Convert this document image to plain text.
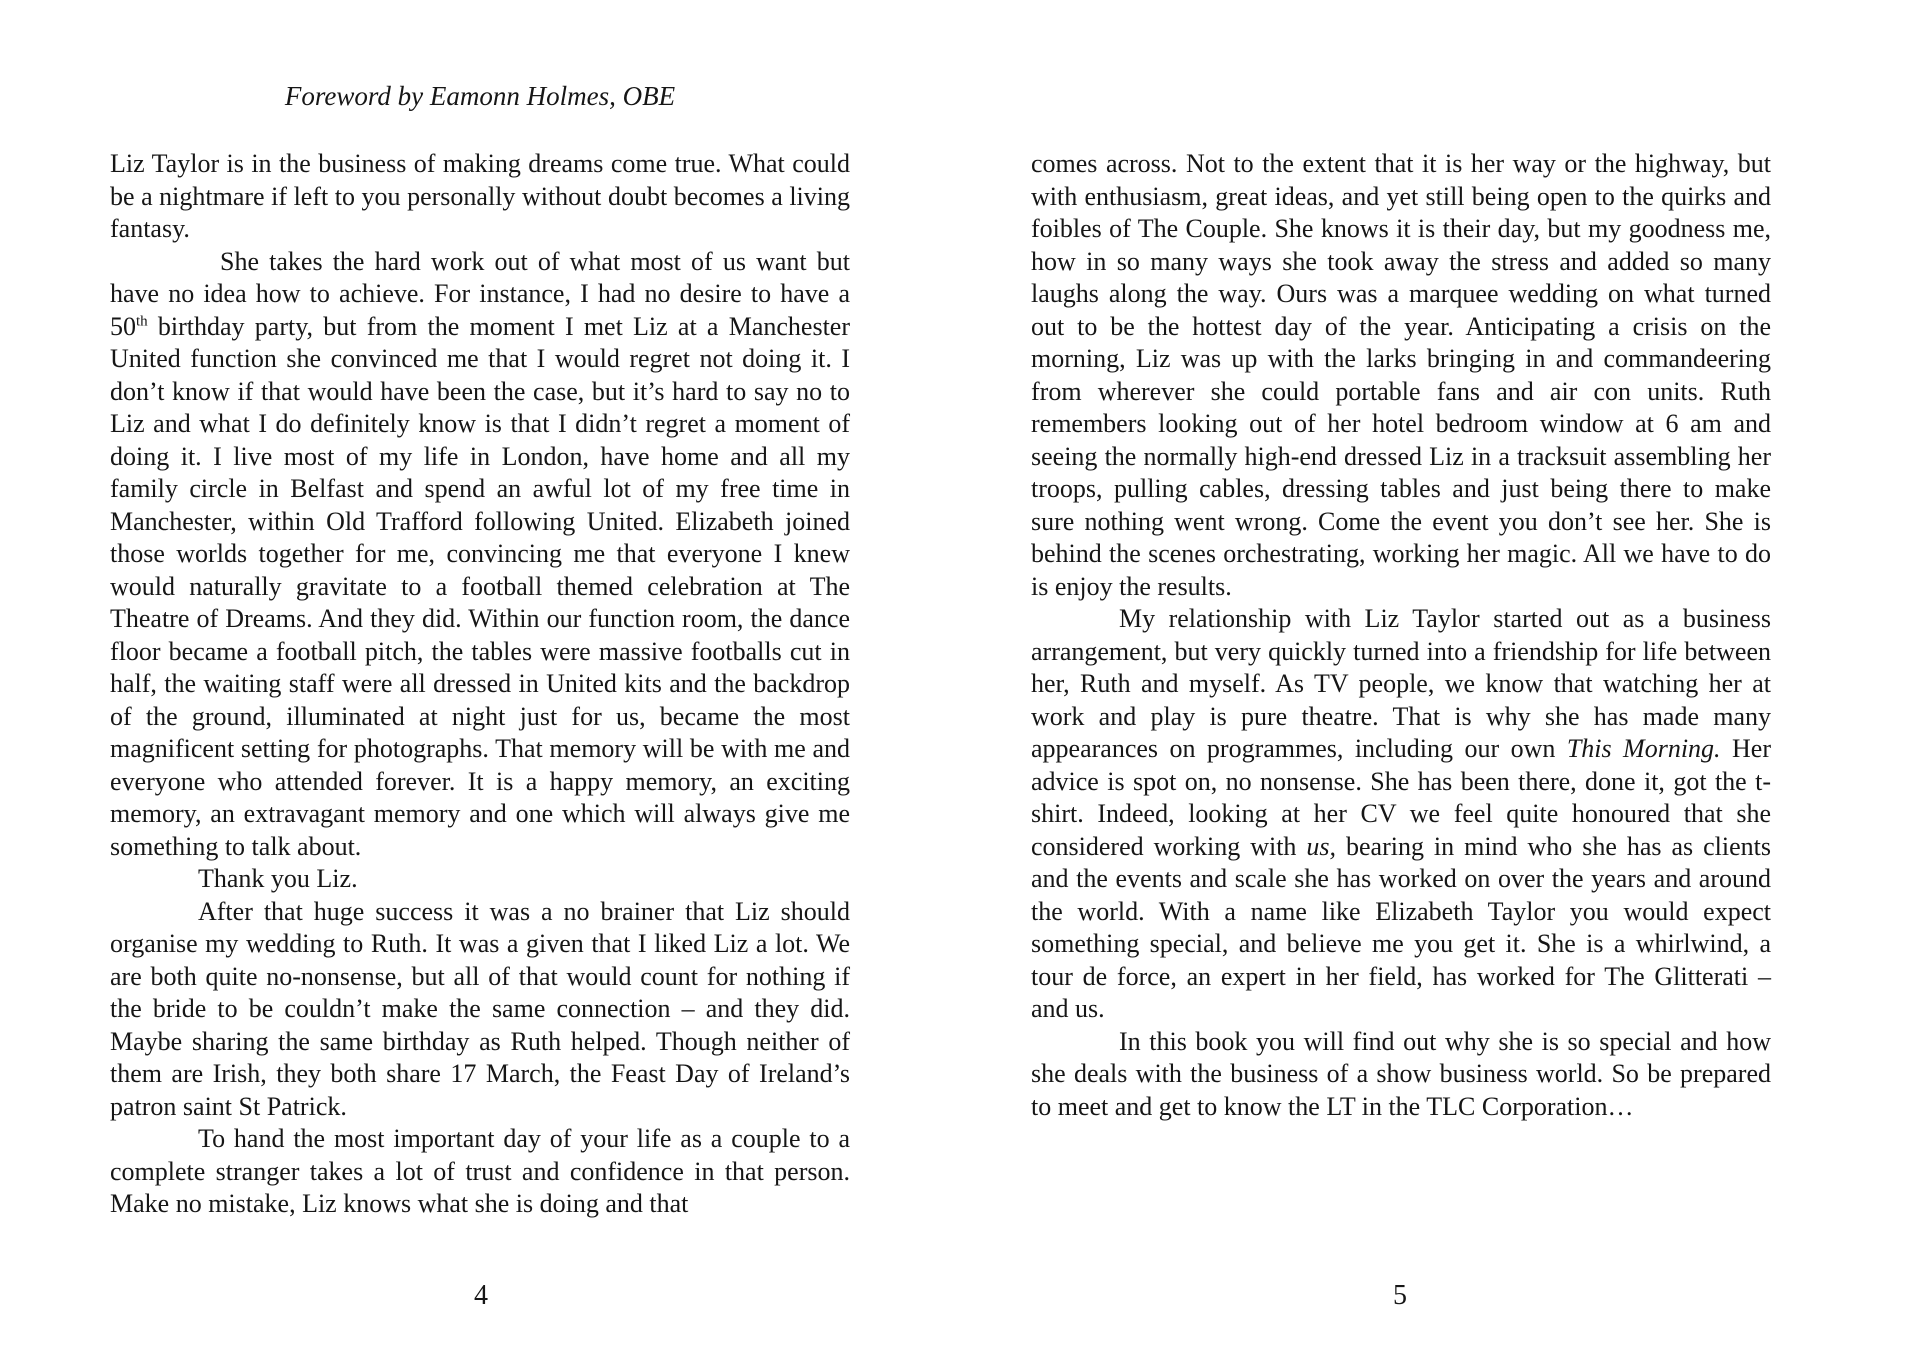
Foreword by Eamonn Holmes, OBE

Liz Taylor is in the business of making dreams come true. What could be a nightmare if left to you personally without doubt becomes a living fantasy.

She takes the hard work out of what most of us want but have no idea how to achieve. For instance, I had no desire to have a 50th birthday party, but from the moment I met Liz at a Manchester United function she convinced me that I would regret not doing it. I don’t know if that would have been the case, but it’s hard to say no to Liz and what I do definitely know is that I didn’t regret a moment of doing it. I live most of my life in London, have home and all my family circle in Belfast and spend an awful lot of my free time in Manchester, within Old Trafford following United. Elizabeth joined those worlds together for me, convincing me that everyone I knew would naturally gravitate to a football themed celebration at The Theatre of Dreams. And they did. Within our function room, the dance floor became a football pitch, the tables were massive footballs cut in half, the waiting staff were all dressed in United kits and the backdrop of the ground, illuminated at night just for us, became the most magnificent setting for photographs. That memory will be with me and everyone who attended forever. It is a happy memory, an exciting memory, an extravagant memory and one which will always give me something to talk about.

Thank you Liz.

After that huge success it was a no brainer that Liz should organise my wedding to Ruth. It was a given that I liked Liz a lot. We are both quite no-nonsense, but all of that would count for nothing if the bride to be couldn’t make the same connection – and they did. Maybe sharing the same birthday as Ruth helped. Though neither of them are Irish, they both share 17 March, the Feast Day of Ireland’s patron saint St Patrick.

To hand the most important day of your life as a couple to a complete stranger takes a lot of trust and confidence in that person. Make no mistake, Liz knows what she is doing and that

4

comes across. Not to the extent that it is her way or the highway, but with enthusiasm, great ideas, and yet still being open to the quirks and foibles of The Couple. She knows it is their day, but my goodness me, how in so many ways she took away the stress and added so many laughs along the way. Ours was a marquee wedding on what turned out to be the hottest day of the year. Anticipating a crisis on the morning, Liz was up with the larks bringing in and commandeering from wherever she could portable fans and air con units. Ruth remembers looking out of her hotel bedroom window at 6 am and seeing the normally high-end dressed Liz in a tracksuit assembling her troops, pulling cables, dressing tables and just being there to make sure nothing went wrong. Come the event you don’t see her. She is behind the scenes orchestrating, working her magic. All we have to do is enjoy the results.

My relationship with Liz Taylor started out as a business arrangement, but very quickly turned into a friendship for life between her, Ruth and myself. As TV people, we know that watching her at work and play is pure theatre. That is why she has made many appearances on programmes, including our own This Morning. Her advice is spot on, no nonsense. She has been there, done it, got the t-shirt. Indeed, looking at her CV we feel quite honoured that she considered working with us, bearing in mind who she has as clients and the events and scale she has worked on over the years and around the world. With a name like Elizabeth Taylor you would expect something special, and believe me you get it. She is a whirlwind, a tour de force, an expert in her field, has worked for The Glitterati – and us.

In this book you will find out why she is so special and how she deals with the business of a show business world. So be prepared to meet and get to know the LT in the TLC Corporation…

5
